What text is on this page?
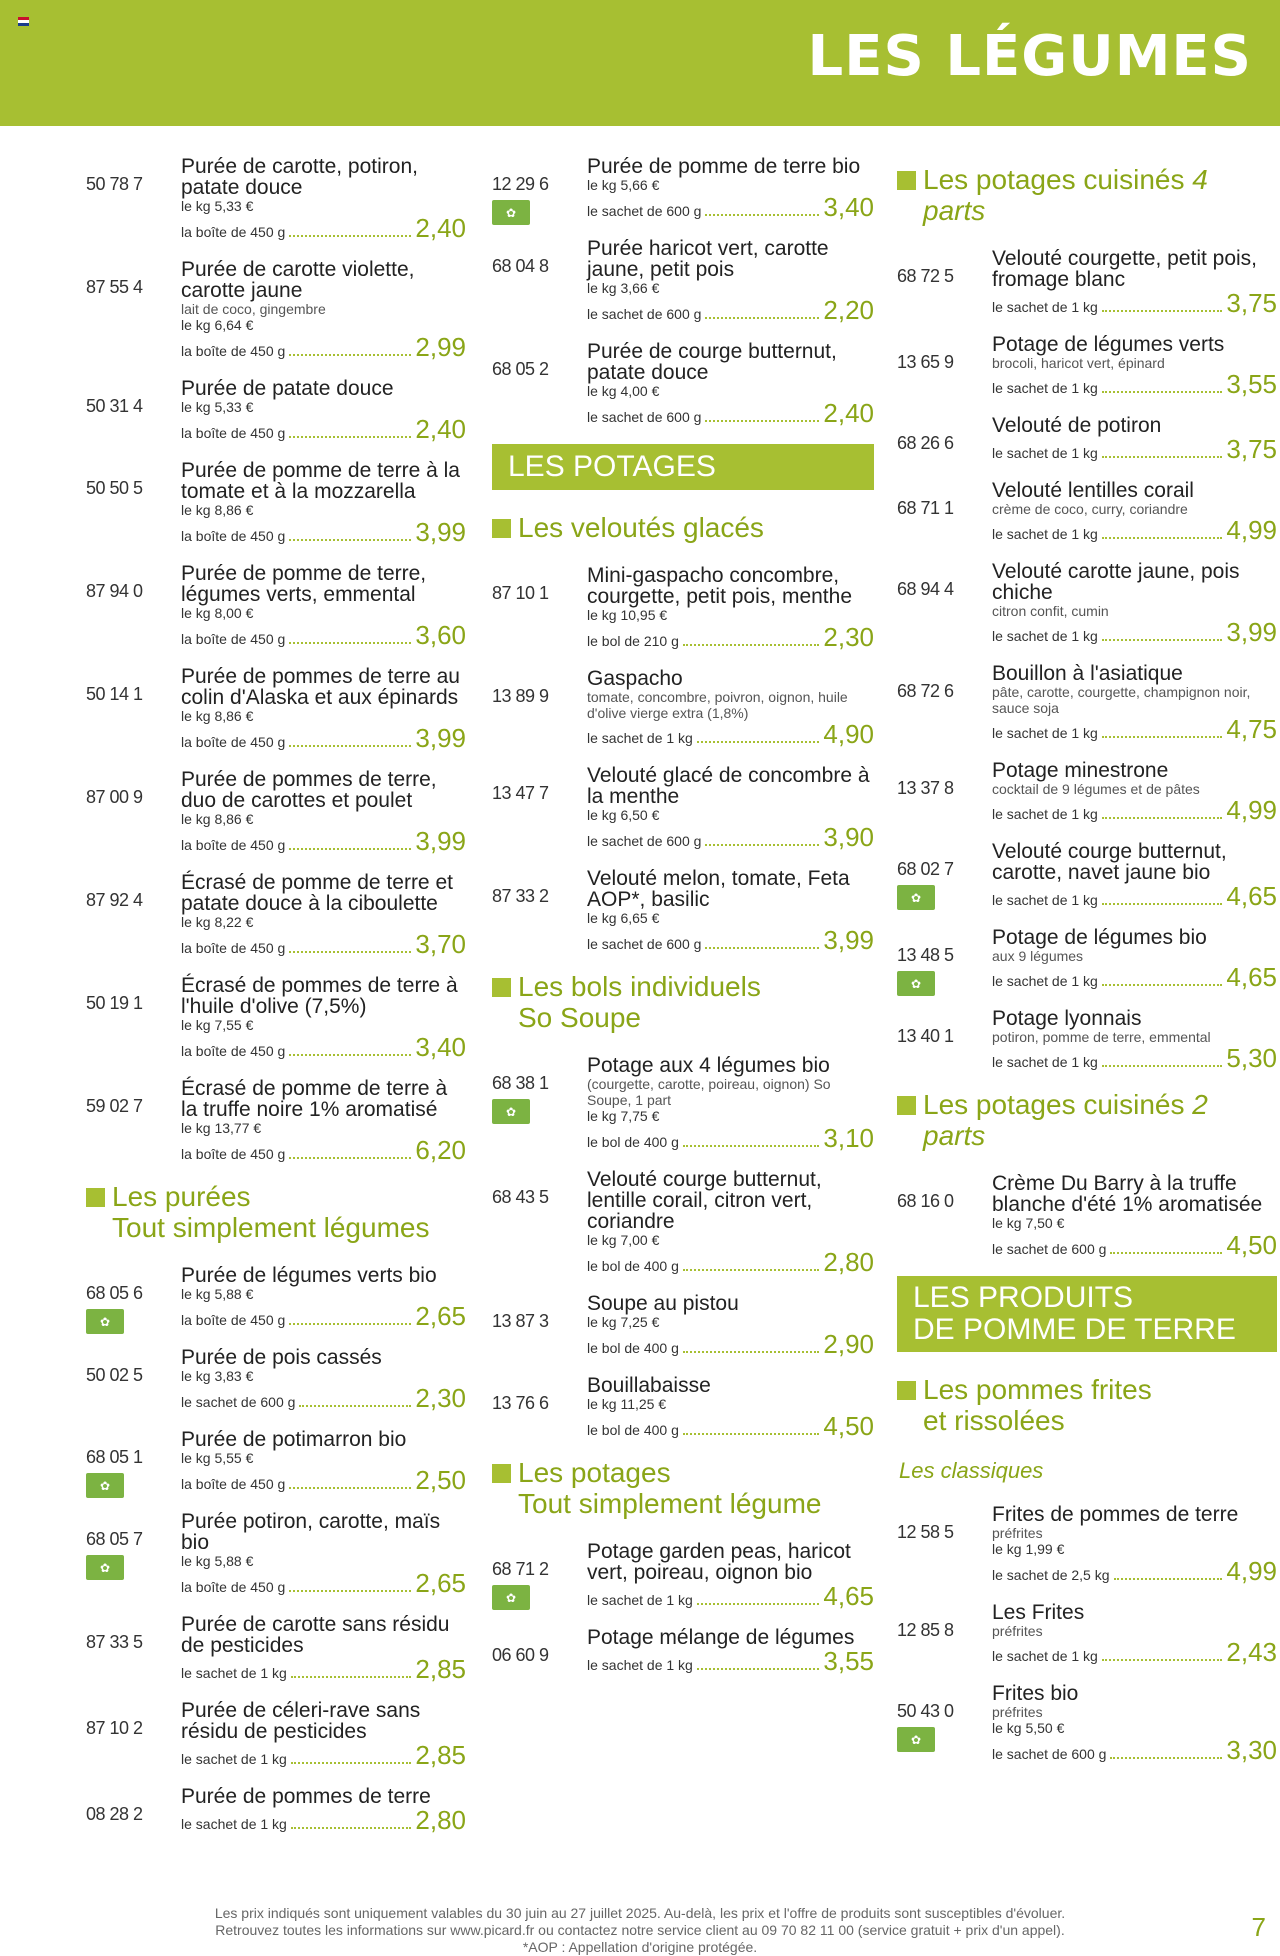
LES LÉGUMES
50 78 7
Purée de carotte, potiron, patate douce
le kg 5,33 €
la boîte de 450 g	2,40
87 55 4
Purée de carotte violette, carotte jaune
lait de coco, gingembre
le kg 6,64 €
la boîte de 450 g	2,99
50 31 4
Purée de patate douce
le kg 5,33 €
la boîte de 450 g	2,40
50 50 5
Purée de pomme de terre à la tomate et à la mozzarella
le kg 8,86 €
la boîte de 450 g	3,99
87 94 0
Purée de pomme de terre, légumes verts, emmental
le kg 8,00 €
la boîte de 450 g	3,60
50 14 1
Purée de pommes de terre au colin d'Alaska et aux épinards
le kg 8,86 €
la boîte de 450 g	3,99
87 00 9
Purée de pommes de terre, duo de carottes et poulet
le kg 8,86 €
la boîte de 450 g	3,99
87 92 4
Écrasé de pomme de terre et patate douce à la ciboulette
le kg 8,22 €
la boîte de 450 g	3,70
50 19 1
Écrasé de pommes de terre à l'huile d'olive (7,5%)
le kg 7,55 €
la boîte de 450 g	3,40
59 02 7
Écrasé de pomme de terre à la truffe noire 1% aromatisé
le kg 13,77 €
la boîte de 450 g	6,20
Les purées
Tout simplement légumes
68 05 6
✿
Purée de légumes verts bio
le kg 5,88 €
la boîte de 450 g	2,65
50 02 5
Purée de pois cassés
le kg 3,83 €
le sachet de 600 g	2,30
68 05 1
✿
Purée de potimarron bio
le kg 5,55 €
la boîte de 450 g	2,50
68 05 7
✿
Purée potiron, carotte, maïs bio
le kg 5,88 €
la boîte de 450 g	2,65
87 33 5
Purée de carotte sans résidu de pesticides
le sachet de 1 kg	2,85
87 10 2
Purée de céleri-rave sans résidu de pesticides
le sachet de 1 kg	2,85
08 28 2
Purée de pommes de terre
le sachet de 1 kg	2,80
12 29 6
✿
Purée de pomme de terre bio
le kg 5,66 €
le sachet de 600 g	3,40
68 04 8
Purée haricot vert, carotte jaune, petit pois
le kg 3,66 €
le sachet de 600 g	2,20
68 05 2
Purée de courge butternut, patate douce
le kg 4,00 €
le sachet de 600 g	2,40
LES POTAGES
Les veloutés glacés
87 10 1
Mini-gaspacho concombre, courgette, petit pois, menthe
le kg 10,95 €
le bol de 210 g	2,30
13 89 9
Gaspacho
tomate, concombre, poivron, oignon, huile d'olive vierge extra (1,8%)
le sachet de 1 kg	4,90
13 47 7
Velouté glacé de concombre à la menthe
le kg 6,50 €
le sachet de 600 g	3,90
87 33 2
Velouté melon, tomate, Feta AOP*, basilic
le kg 6,65 €
le sachet de 600 g	3,99
Les bols individuels
So Soupe
68 38 1
✿
Potage aux 4 légumes bio
(courgette, carotte, poireau, oignon) So Soupe, 1 part
le kg 7,75 €
le bol de 400 g	3,10
68 43 5
Velouté courge butternut, lentille corail, citron vert, coriandre
le kg 7,00 €
le bol de 400 g	2,80
13 87 3
Soupe au pistou
le kg 7,25 €
le bol de 400 g	2,90
13 76 6
Bouillabaisse
le kg 11,25 €
le bol de 400 g	4,50
Les potages
Tout simplement légume
68 71 2
✿
Potage garden peas, haricot vert, poireau, oignon bio
le sachet de 1 kg	4,65
06 60 9
Potage mélange de légumes
le sachet de 1 kg	3,55
Les potages cuisinés 4 parts
68 72 5
Velouté courgette, petit pois, fromage blanc
le sachet de 1 kg	3,75
13 65 9
Potage de légumes verts
brocoli, haricot vert, épinard
le sachet de 1 kg	3,55
68 26 6
Velouté de potiron
le sachet de 1 kg	3,75
68 71 1
Velouté lentilles corail
crème de coco, curry, coriandre
le sachet de 1 kg	4,99
68 94 4
Velouté carotte jaune, pois chiche
citron confit, cumin
le sachet de 1 kg	3,99
68 72 6
Bouillon à l'asiatique
pâte, carotte, courgette, champignon noir, sauce soja
le sachet de 1 kg	4,75
13 37 8
Potage minestrone
cocktail de 9 légumes et de pâtes
le sachet de 1 kg	4,99
68 02 7
✿
Velouté courge butternut, carotte, navet jaune bio
le sachet de 1 kg	4,65
13 48 5
✿
Potage de légumes bio
aux 9 légumes
le sachet de 1 kg	4,65
13 40 1
Potage lyonnais
potiron, pomme de terre, emmental
le sachet de 1 kg	5,30
Les potages cuisinés 2 parts
68 16 0
Crème Du Barry à la truffe blanche d'été 1% aromatisée
le kg 7,50 €
le sachet de 600 g	4,50
LES PRODUITS
DE POMME DE TERRE
Les pommes frites
et rissolées
Les classiques
12 58 5
Frites de pommes de terre
préfrites
le kg 1,99 €
le sachet de 2,5 kg	4,99
12 85 8
Les Frites
préfrites
le sachet de 1 kg	2,43
50 43 0
✿
Frites bio
préfrites
le kg 5,50 €
le sachet de 600 g	3,30
Les prix indiqués sont uniquement valables du 30 juin au 27 juillet 2025. Au-delà, les prix et l'offre de produits sont susceptibles d'évoluer.
Retrouvez toutes les informations sur www.picard.fr ou contactez notre service client au 09 70 82 11 00 (service gratuit + prix d'un appel).
*AOP : Appellation d'origine protégée.
7
